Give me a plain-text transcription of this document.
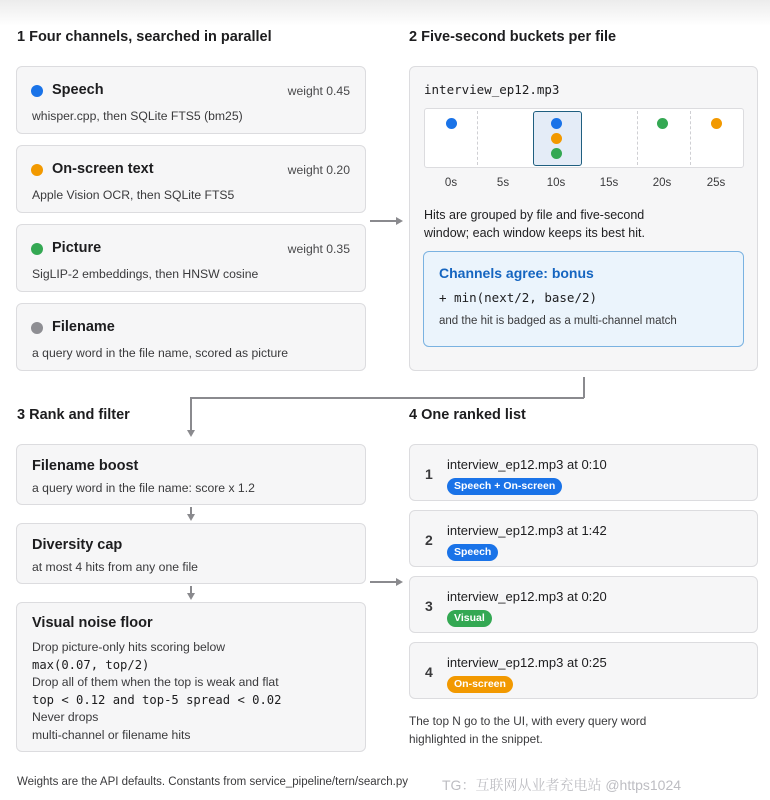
1 Four channels, searched in parallel	2 Five-second buckets per file
3 Rank and filter	4 One ranked list
Speech	weight 0.45
whisper.cpp, then SQLite FTS5 (bm25)
On-screen text	weight 0.20
Apple Vision OCR, then SQLite FTS5
Picture	weight 0.35
SigLIP-2 embeddings, then HNSW cosine
Filename
a query word in the file name, scored as picture
interview_ep12.mp3
0s	5s	10s	15s	20s	25s
Hits are grouped by file and five-second
window; each window keeps its best hit.
Channels agree: bonus
+ min(next/2, base/2)
and the hit is badged as a multi-channel match
Filename boost
a query word in the file name: score x 1.2
Diversity cap
at most 4 hits from any one file
Visual noise floor
Drop picture-only hits scoring below
max(0.07, top/2)
Drop all of them when the top is weak and flat
top < 0.12 and top-5 spread < 0.02
Never drops
multi-channel or filename hits
1
interview_ep12.mp3 at 0:10
Speech + On-screen
2
interview_ep12.mp3 at 1:42
Speech
3
interview_ep12.mp3 at 0:20
Visual
4
interview_ep12.mp3 at 0:25
On-screen
The top N go to the UI, with every query word
highlighted in the snippet.
Weights are the API defaults. Constants from service_pipeline/tern/search.py TG：互联网从业者充电站 @https1024
